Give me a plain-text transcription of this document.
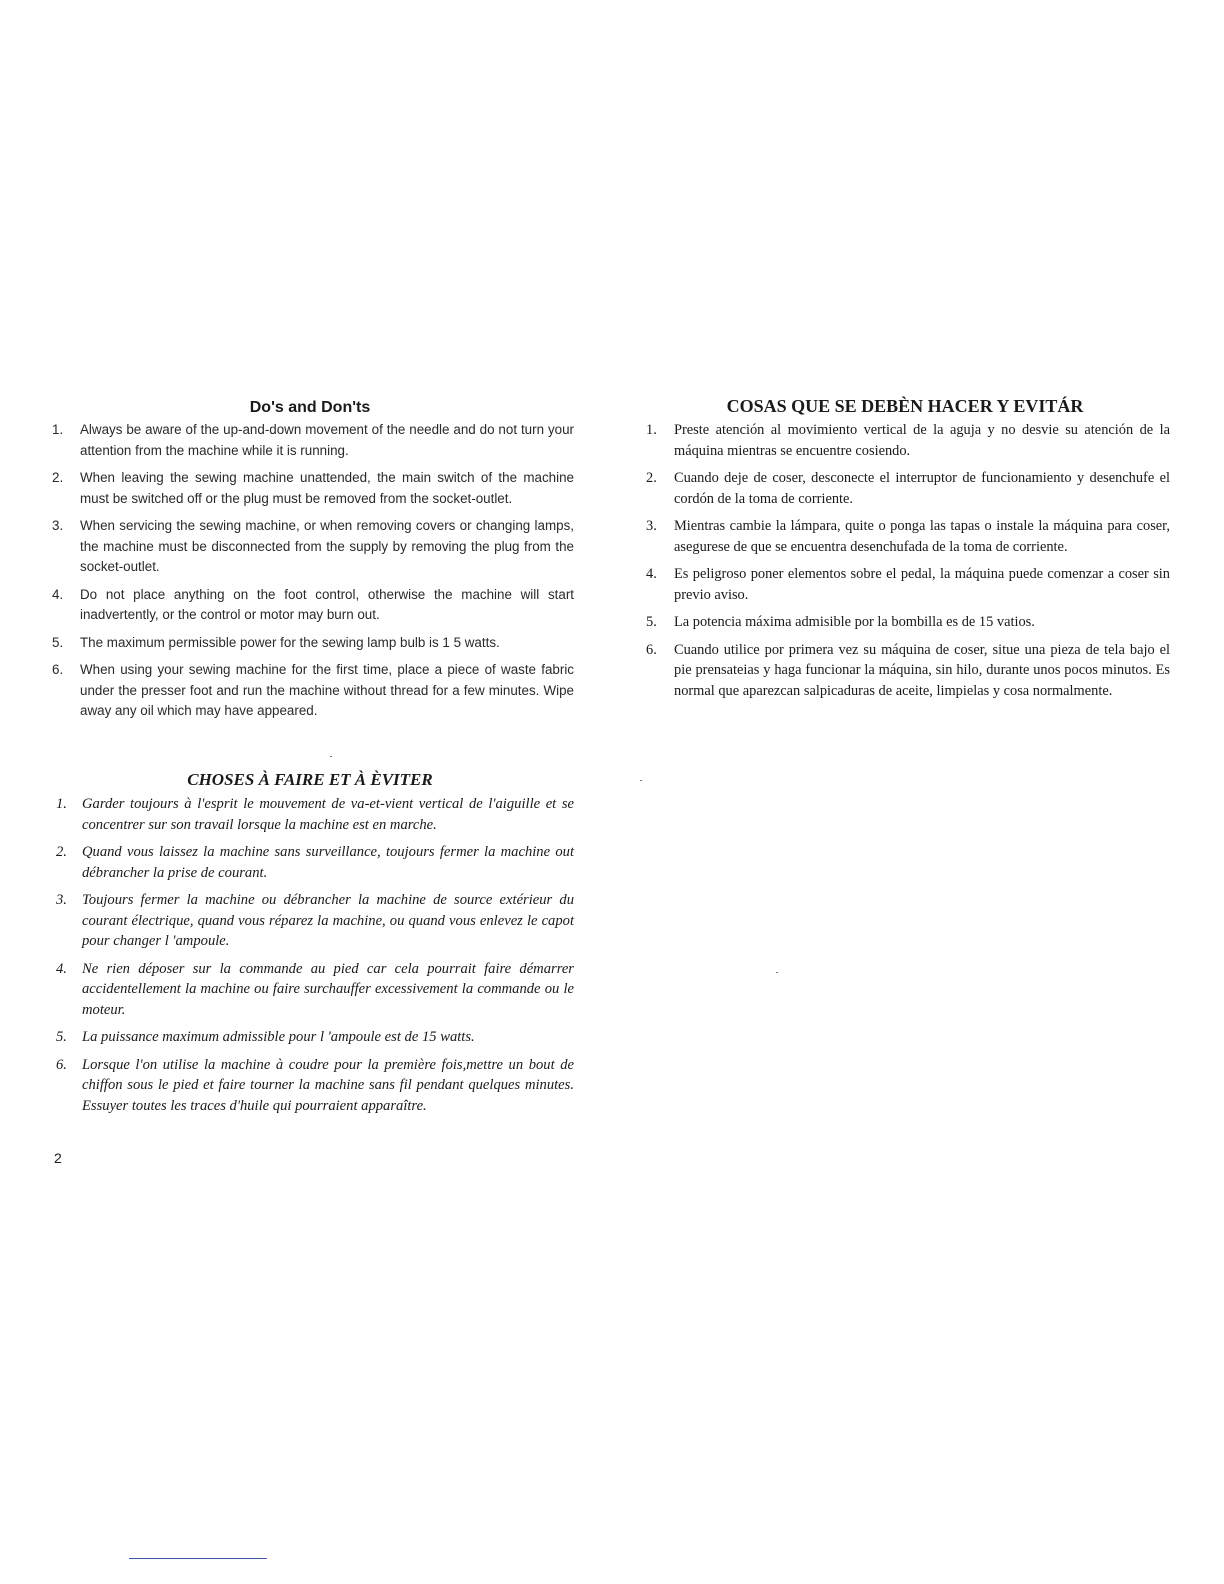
Do's and Don'ts
1.	Always be aware of the up-and-down movement of the needle and do not turn your attention from the machine while it is running.
2.	When leaving the sewing machine unattended, the main switch of the machine must be switched off or the plug must be removed from the socket-outlet.
3.	When servicing the sewing machine, or when removing covers or changing lamps, the machine must be disconnected from the supply by removing the plug from the socket-outlet.
4.	Do not place anything on the foot control, otherwise the machine will start inadvertently, or the control or motor may burn out.
5.	The maximum permissible power for the sewing lamp bulb is 1 5 watts.
6.	When using your sewing machine for the first time, place a piece of waste fabric under the presser foot and run the machine without thread for a few minutes. Wipe away any oil which may have appeared.
CHOSES À FAIRE ET À ÈVITER
1.	Garder toujours à l'esprit le mouvement de va-et-vient vertical de l'aiguille et se concentrer sur son travail lorsque la machine est en marche.
2.	Quand vous laissez la machine sans surveillance, toujours fermer la machine out débrancher la prise de courant.
3.	Toujours fermer la machine ou débrancher la machine de source extérieur du courant électrique, quand vous réparez la machine, ou quand vous enlevez le capot pour changer l 'ampoule.
4.	Ne rien déposer sur la commande au pied car cela pourrait faire démarrer accidentellement la machine ou faire surchauffer excessivement la commande ou le moteur.
5.	La puissance maximum admissible pour l 'ampoule est de 15 watts.
6.	Lorsque l'on utilise la machine à coudre pour la première fois,mettre un bout de chiffon sous le pied et faire tourner la machine sans fil pendant quelques minutes. Essuyer toutes les traces d'huile qui pourraient apparaître.
COSAS QUE SE DEBÈN HACER Y EVITÁR
1.	Preste atención al movimiento vertical de la aguja y no desvie su atención de la máquina mientras se encuentre cosiendo.
2.	Cuando deje de coser, desconecte el interruptor de funcionamiento y desenchufe el cordón de la toma de corriente.
3.	Mientras cambie la lámpara, quite o ponga las tapas o instale la máquina para coser, asegurese de que se encuentra desenchufada de la toma de corriente.
4.	Es peligroso poner elementos sobre el pedal, la máquina puede comenzar a coser sin previo aviso.
5.	La potencia máxima admisible por la bombilla es de 15 vatios.
6.	Cuando utilice por primera vez su máquina de coser, situe una pieza de tela bajo el pie prensateias y haga funcionar la máquina, sin hilo, durante unos pocos minutos. Es normal que aparezcan salpicaduras de aceite, limpielas y cosa normalmente.
2
